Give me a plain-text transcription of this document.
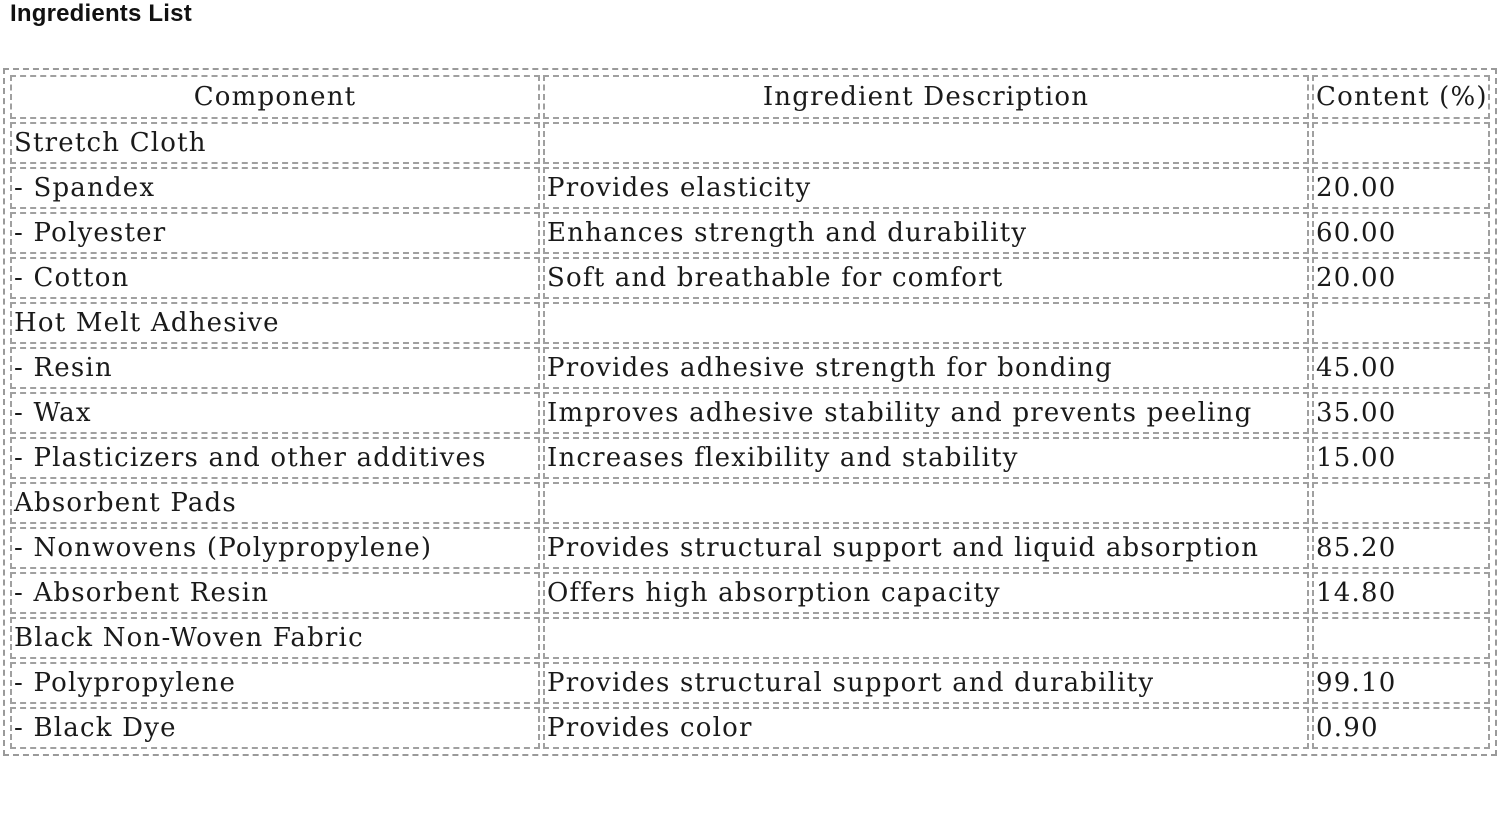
Ingredients List
Component	Ingredient Description	Content (%)
Stretch Cloth		
- Spandex	Provides elasticity	20.00
- Polyester	Enhances strength and durability	60.00
- Cotton	Soft and breathable for comfort	20.00
Hot Melt Adhesive		
- Resin	Provides adhesive strength for bonding	45.00
- Wax	Improves adhesive stability and prevents peeling	35.00
- Plasticizers and other additives	Increases flexibility and stability	15.00
Absorbent Pads		
- Nonwovens (Polypropylene)	Provides structural support and liquid absorption	85.20
- Absorbent Resin	Offers high absorption capacity	14.80
Black Non-Woven Fabric		
- Polypropylene	Provides structural support and durability	99.10
- Black Dye	Provides color	0.90
